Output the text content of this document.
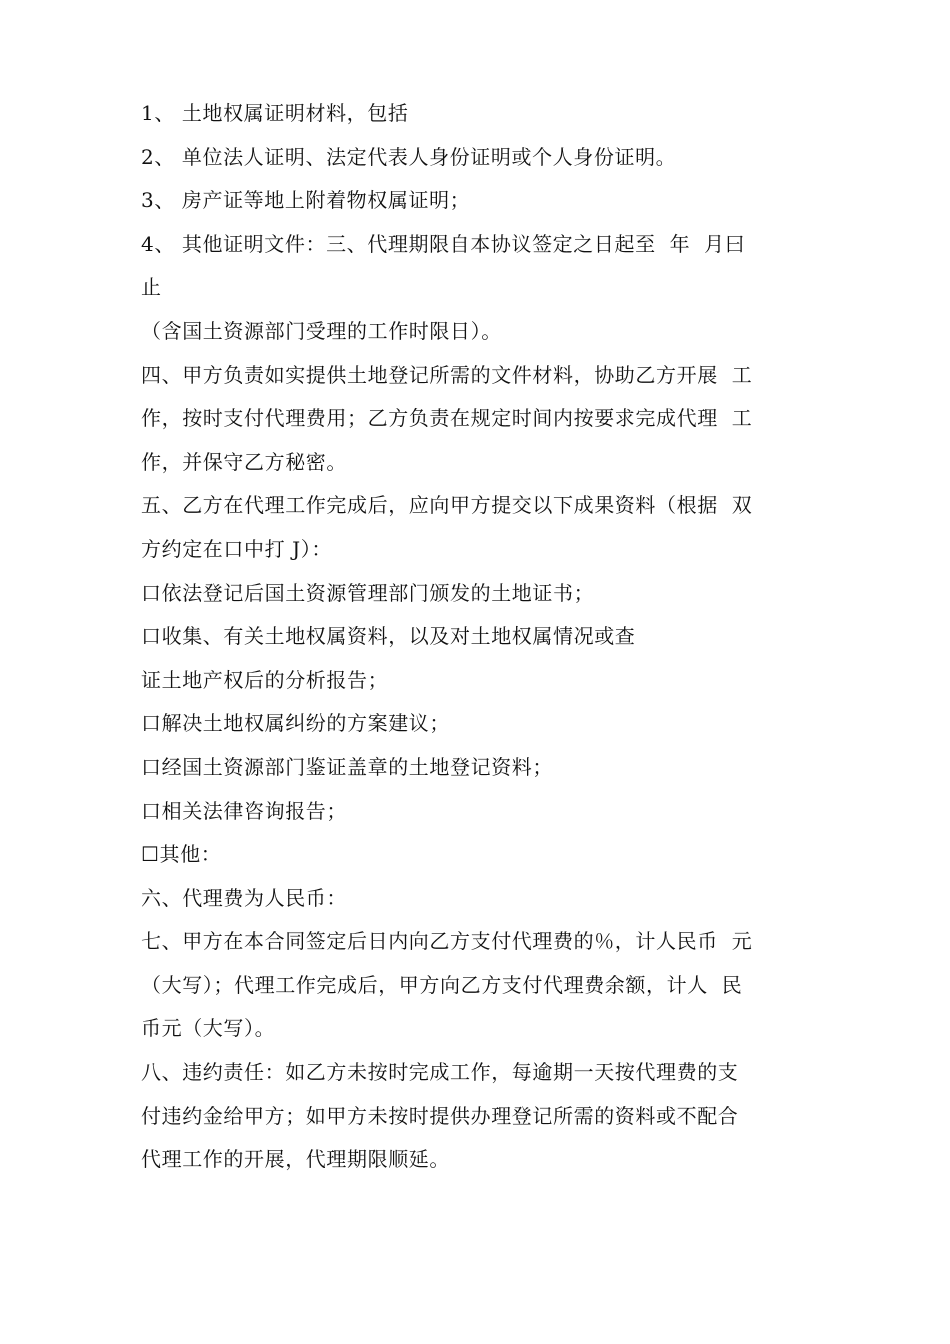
1、 土地权属证明材料，包括
2、 单位法人证明、法定代表人身份证明或个人身份证明。
3、 房产证等地上附着物权属证明；
4、 其他证明文件：三、代理期限自本协议签定之日起至  年  月曰
止
（含国土资源部门受理的工作时限日）。
四、甲方负责如实提供土地登记所需的文件材料，协助乙方开展  工
作，按时支付代理费用；乙方负责在规定时间内按要求完成代理  工
作，并保守乙方秘密。
五、乙方在代理工作完成后，应向甲方提交以下成果资料（根据  双
方约定在口中打 J）：
口依法登记后国土资源管理部门颁发的土地证书；
口收集、有关土地权属资料，以及对土地权属情况或查
证土地产权后的分析报告；
口解决土地权属纠纷的方案建议；
口经国土资源部门鉴证盖章的土地登记资料；
口相关法律咨询报告；
☐其他：
六、代理费为人民币：
七、甲方在本合同签定后日内向乙方支付代理费的％，计人民币  元
（大写）；代理工作完成后，甲方向乙方支付代理费余额，计人  民
币元（大写）。
八、违约责任：如乙方未按时完成工作，每逾期一天按代理费的支
付违约金给甲方；如甲方未按时提供办理登记所需的资料或不配合
代理工作的开展，代理期限顺延。
